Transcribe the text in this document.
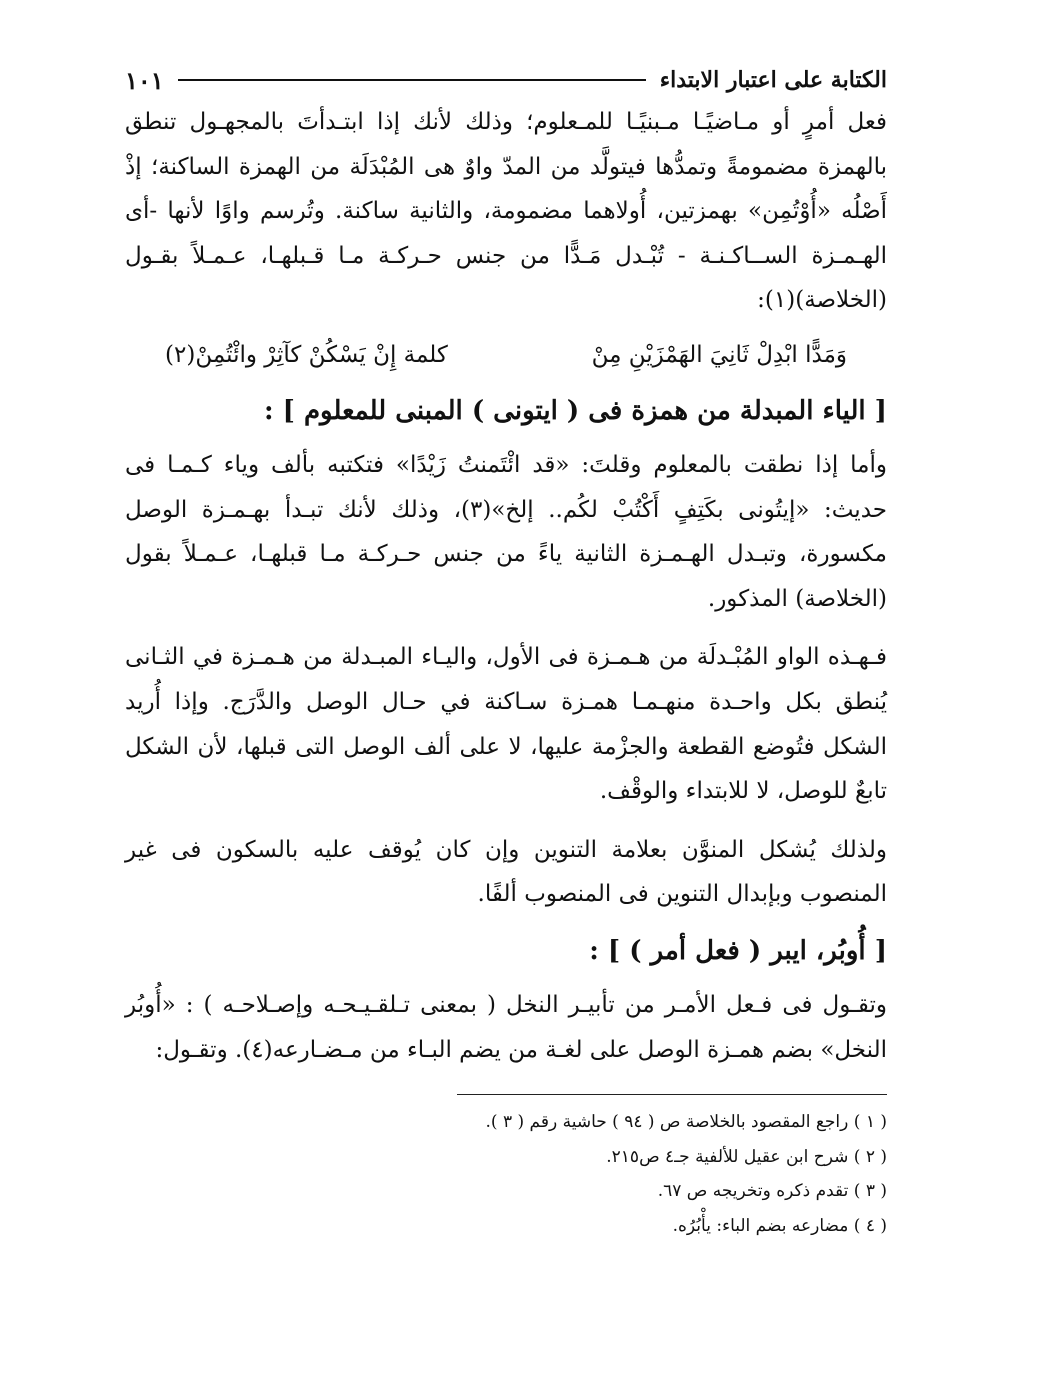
الكتابة على اعتبار الابتداء
١٠١

فعل أمرٍ أو مـاضيًـا مـبنيًـا للمـعلوم؛ وذلك لأنك إذا ابتـدأتَ بالمجهـول تنطق بالهمزة مضمومةً وتمدُّها فيتولَّد من المدّ واوٌ هى المُبْدَلَة من الهمزة الساكنة؛ إذْ أَصْلُه «أُوْتُمِن» بهمزتين، أُولاهما مضمومة، والثانية ساكنة. وتُرسم واوًا لأنها -أى الهـمـزة الســاكـنـة - تُبْـدل مَـدًّا من جنس حـركـة مـا قـبلهـا، عـمـلاً بقـول (الخلاصة)(١):

وَمَدًّا ابْدِلْ ثَانِيَ الهَمْزَيْنِ مِنْ
كلمة إِنْ يَسْكُنْ كآثِرْ وائْتُمِنْ(٢)
[ الياء المبدلة من همزة فى ( ايتونى ) المبنى للمعلوم ] :

وأما إذا نطقت بالمعلوم وقلتَ: «قد ائْتَمنتُ زَيْدًا» فتكتبه بألف وياء كـمـا فى حديث: «إيتُونى بكَتِفٍ أَكْتُبْ لكُم.. إلخ»(٣)، وذلك لأنك تبـدأ بهـمـزة الوصل مكسورة، وتبـدل الهـمـزة الثانية ياءً من جنس حـركـة مـا قبلهـا، عـمـلاً بقول (الخلاصة) المذكور.

فـهـذه الواو المُبْـدلَة من هـمـزة فى الأول، واليـاء المبـدلة من هـمـزة في الثـانى يُنطق بكل واحـدة منهـمـا همـزة سـاكنة في حـال الوصل والدَّرَج. وإذا أُريد الشكل فتُوضع القطعة والجزْمة عليها، لا على ألف الوصل التى قبلها، لأن الشكل تابعٌ للوصل، لا للابتداء والوقْف.

ولذلك يُشكل المنوَّن بعلامة التنوين وإن كان يُوقف عليه بالسكون فى غير المنصوب وبإبدال التنوين فى المنصوب ألفًا.

[ أُوبُر، ايبر ( فعل أمر ) ] :

وتقـول فى فـعل الأمـر من تأبيـر النخل ( بمعنى تـلقـيـحـه وإصـلاحـه ) : «أُوبُر النخل» بضم همـزة الوصل على لغـة من يضم البـاء من مـضـارعه(٤). وتقـول:

( ١ ) راجع المقصود بالخلاصة ص ( ٩٤ ) حاشية رقم ( ٣ ).

( ٢ ) شرح ابن عقيل للألفية جـ٤ ص٢١٥.

( ٣ ) تقدم ذكره وتخريجه ص ٦٧.

( ٤ ) مضارعه بضم الباء: يأْبُرُه.
